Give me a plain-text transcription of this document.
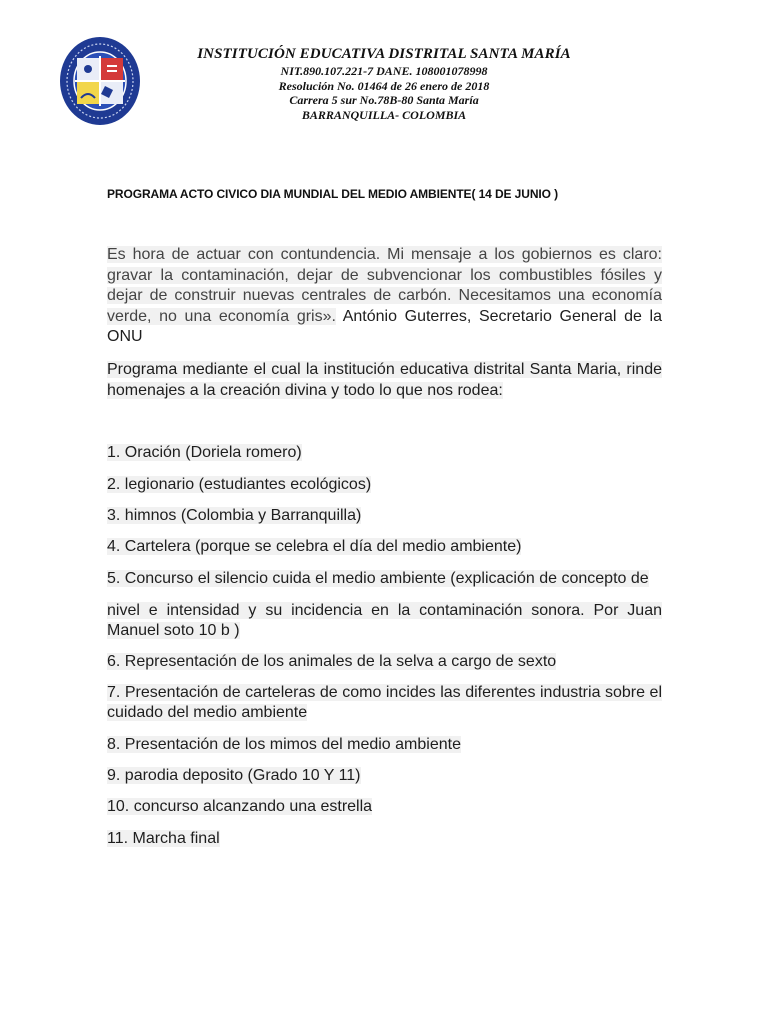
INSTITUCIÓN EDUCATIVA DISTRITAL SANTA MARÍA
NIT.890.107.221-7 DANE. 108001078998
Resolución No. 01464 de 26 enero de 2018
Carrera 5 sur No.78B-80 Santa María
BARRANQUILLA- COLOMBIA
PROGRAMA ACTO CIVICO DIA MUNDIAL DEL MEDIO AMBIENTE( 14 DE JUNIO )
Es hora de actuar con contundencia. Mi mensaje a los gobiernos es claro: gravar la contaminación, dejar de subvencionar los combustibles fósiles y dejar de construir nuevas centrales de carbón. Necesitamos una economía verde, no una economía gris». António Guterres, Secretario General de la ONU
Programa mediante el cual la institución educativa distrital Santa Maria, rinde homenajes a la creación divina y todo lo que nos rodea:
1. Oración (Doriela romero)
2. legionario (estudiantes ecológicos)
3. himnos (Colombia y Barranquilla)
4. Cartelera (porque se celebra el día del medio ambiente)
5. Concurso el silencio cuida el medio ambiente (explicación de concepto de
nivel e intensidad y su incidencia en la contaminación sonora. Por Juan Manuel soto 10 b )
6. Representación de los animales de la selva a cargo de sexto
7. Presentación de carteleras de como incides las diferentes industria sobre el cuidado del medio ambiente
8. Presentación de los mimos del medio ambiente
9. parodia deposito (Grado 10 Y 11)
10. concurso alcanzando una estrella
11. Marcha final
